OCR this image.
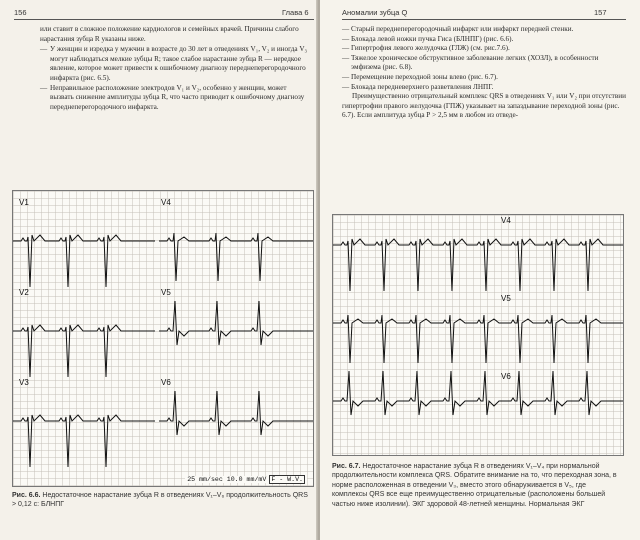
156	Глава 6

или ставит в сложное положение кардиологов и семейных врачей. Причины слабого

нарастания зубца R указаны ниже.

— У женщин и изредка у мужчин в возрасте до 30 лет в отведениях V₁, V₂ и иногда V₃ могут наблюдаться мелкие зубцы R; такое слабое нарастание зубца R — нередкое явление, которое может привести к ошибочному диагнозу переднеперегородочного инфаркта (рис. 6.5).

— Неправильное расположение электродов V₁ и V₂, особенно у женщин, может вызвать снижение амплитуды зубца R, что часто приводит к ошибочному диагнозу переднеперегородочного инфаркта.

V1	V4
V2	V5
V3	V6
25 mm/sec 10.0 mm/mV F - W.V.
Рис. 6.6. Недостаточное нарастание зубца R в отведениях V₁–V₆ продолжительность QRS > 0,12 с: БЛНПГ
Аномалии зубца Q	157

— Старый переднеперегородочный инфаркт или инфаркт передней стенки.

— Блокада левой ножки пучка Гиса (БЛНПГ) (рис. 6.6).

— Гипертрофия левого желудочка (ГЛЖ) (см. рис.7.6).

— Тяжелое хроническое обструктивное заболевание легких (ХОЗЛ), в особенности эмфизема (рис. 6.8).

— Перемещение переходной зоны влево (рис. 6.7).

— Блокада передневерхнего разветвления ЛНПГ.

Преимущественно отрицательный комплекс QRS в отведениях V₁ или V₂ при отсутствии гипертрофии правого желудочка (ГПЖ) указывает на запаздывание переходной зоны (рис. 6.7). Если амплитуда зубца Р > 2,5 мм в любом из отведе-

V4
V5
V6
Рис. 6.7. Недостаточное нарастание зубца R в отведениях V₁–V₄ при нормальной продолжительности комплекса QRS. Обратите внимание на то, что переходная зона, в норме расположенная в отведении V₃, вместо этого обнаруживается в V₅, где комплексы QRS все еще преимущественно отрицательные (расположены большей частью ниже изолинии). ЭКГ здоровой 48-летней женщины. Нормальная ЭКГ
